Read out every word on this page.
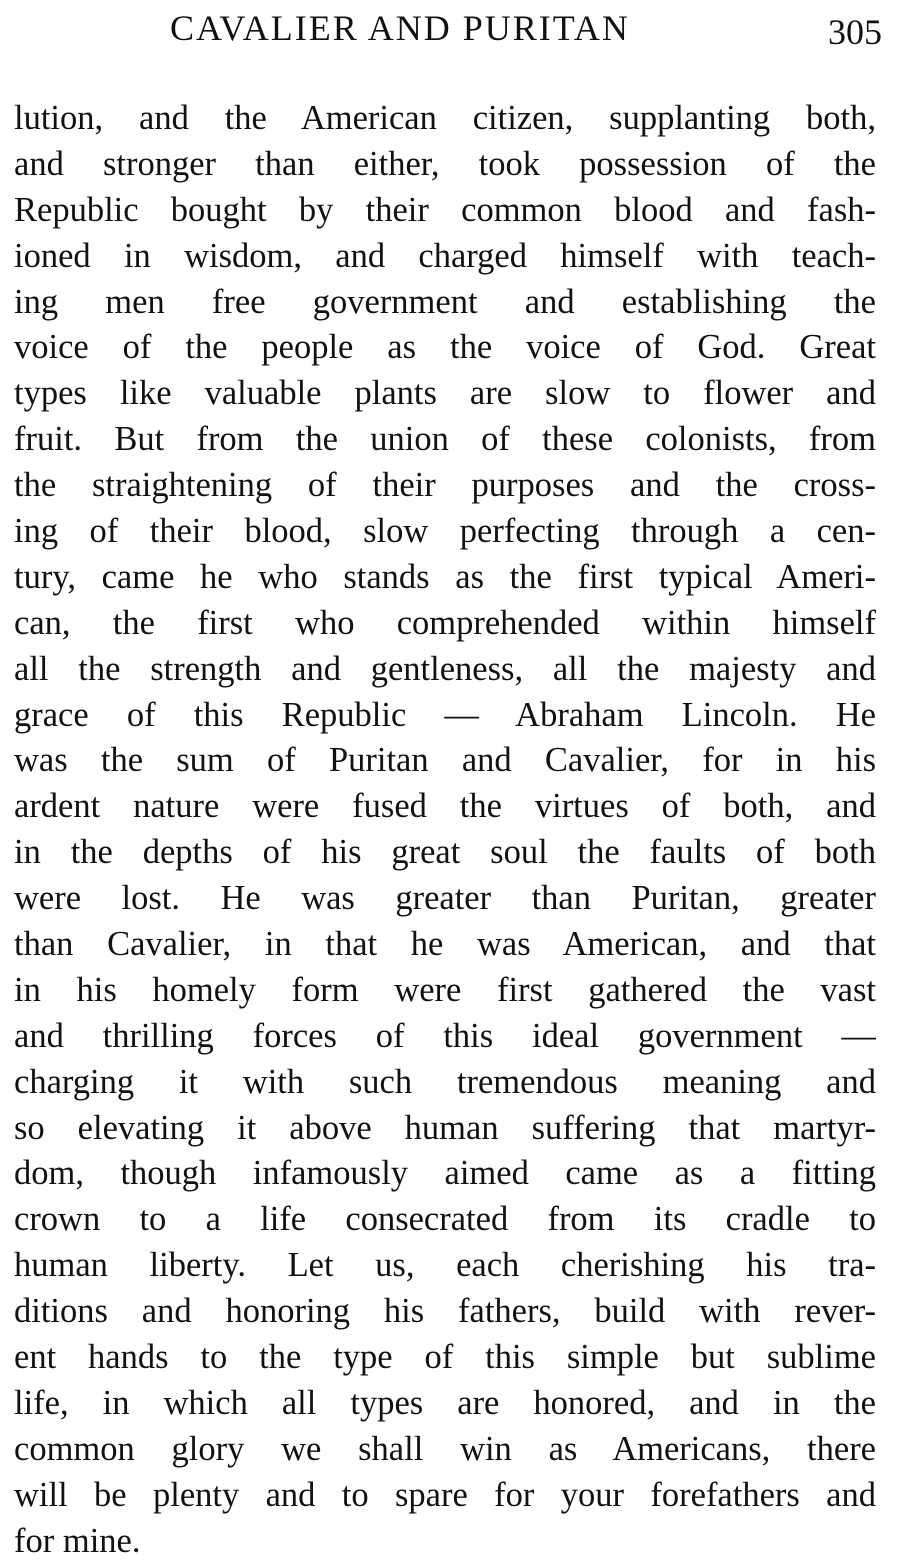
CAVALIER AND PURITAN	305
lution, and the American citizen, supplanting both,
and stronger than either, took possession of the
Republic bought by their common blood and fash-
ioned in wisdom, and charged himself with teach-
ing men free government and establishing the
voice of the people as the voice of God. Great
types like valuable plants are slow to flower and
fruit. But from the union of these colonists, from
the straightening of their purposes and the cross-
ing of their blood, slow perfecting through a cen-
tury, came he who stands as the first typical Ameri-
can, the first who comprehended within himself
all the strength and gentleness, all the majesty and
grace of this Republic — Abraham Lincoln. He
was the sum of Puritan and Cavalier, for in his
ardent nature were fused the virtues of both, and
in the depths of his great soul the faults of both
were lost. He was greater than Puritan, greater
than Cavalier, in that he was American, and that
in his homely form were first gathered the vast
and thrilling forces of this ideal government —
charging it with such tremendous meaning and
so elevating it above human suffering that martyr-
dom, though infamously aimed came as a fitting
crown to a life consecrated from its cradle to
human liberty. Let us, each cherishing his tra-
ditions and honoring his fathers, build with rever-
ent hands to the type of this simple but sublime
life, in which all types are honored, and in the
common glory we shall win as Americans, there
will be plenty and to spare for your forefathers and
for mine.
